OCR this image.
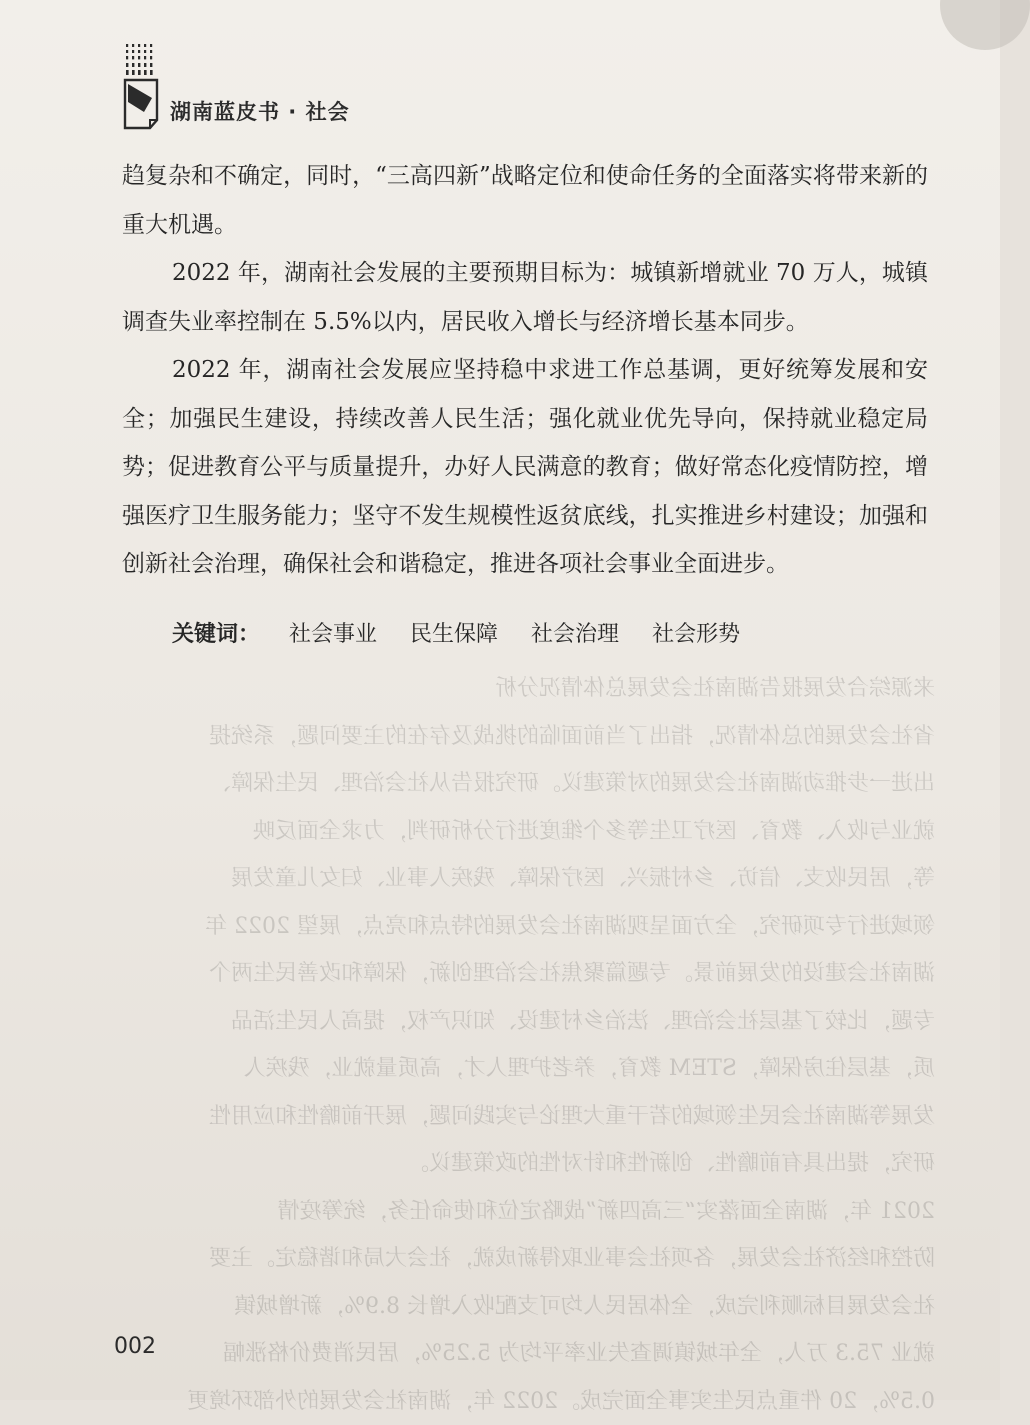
湖南蓝皮书 · 社会

趋复杂和不确定，同时，“三高四新”战略定位和使命任务的全面落实将带来新的重大机遇。

2022 年，湖南社会发展的主要预期目标为：城镇新增就业 70 万人，城镇调查失业率控制在 5.5%以内，居民收入增长与经济增长基本同步。

2022 年，湖南社会发展应坚持稳中求进工作总基调，更好统筹发展和安全；加强民生建设，持续改善人民生活；强化就业优先导向，保持就业稳定局势；促进教育公平与质量提升，办好人民满意的教育；做好常态化疫情防控，增强医疗卫生服务能力；坚守不发生规模性返贫底线，扎实推进乡村建设；加强和创新社会治理，确保社会和谐稳定，推进各项社会事业全面进步。

关键词： 社会事业 民生保障 社会治理 社会形势
来源综合发展报告湖南社会发展总体情况分析
省社会发展的总体情况，指出了当前面临的挑战及存在的主要问题，系统提
出进一步推动湖南社会发展的对策建议。研究报告从社会治理、民生保障、
就业与收入、教育、医疗卫生等多个维度进行分析研判，力求全面反映
等，居民收支、信访、乡村振兴、医疗保障、残疾人事业、妇女儿童发展
领域进行专项研究，全方面呈现湖南社会发展的特点和亮点，展望 2022 年
湖南社会建设的发展前景。专题篇聚焦社会治理创新，保障和改善民生两个
专题，比较了基层社会治理、法治乡村建设、知识产权，提高人民生活品
质，基层住房保障，STEM 教育，养老护理人才，高质量就业，残疾人
发展等湖南社会民生领域的若干重大理论与实践问题，展开前瞻性和应用性
研究，提出具有前瞻性、创新性和针对性的政策建议。
2021 年，湖南全面落实“三高四新”战略定位和使命任务，统筹疫情
防控和经济社会发展，各项社会事业取得新成就，社会大局和谐稳定。主要
社会发展目标顺利完成，全体居民人均可支配收入增长 8.9%，新增城镇
就业 75.3 万人，全年城镇调查失业率平均为 5.25%，居民消费价格涨幅
0.5%，20 件重点民生实事全面完成。2022 年，湖南社会发展的外部环境更
002
